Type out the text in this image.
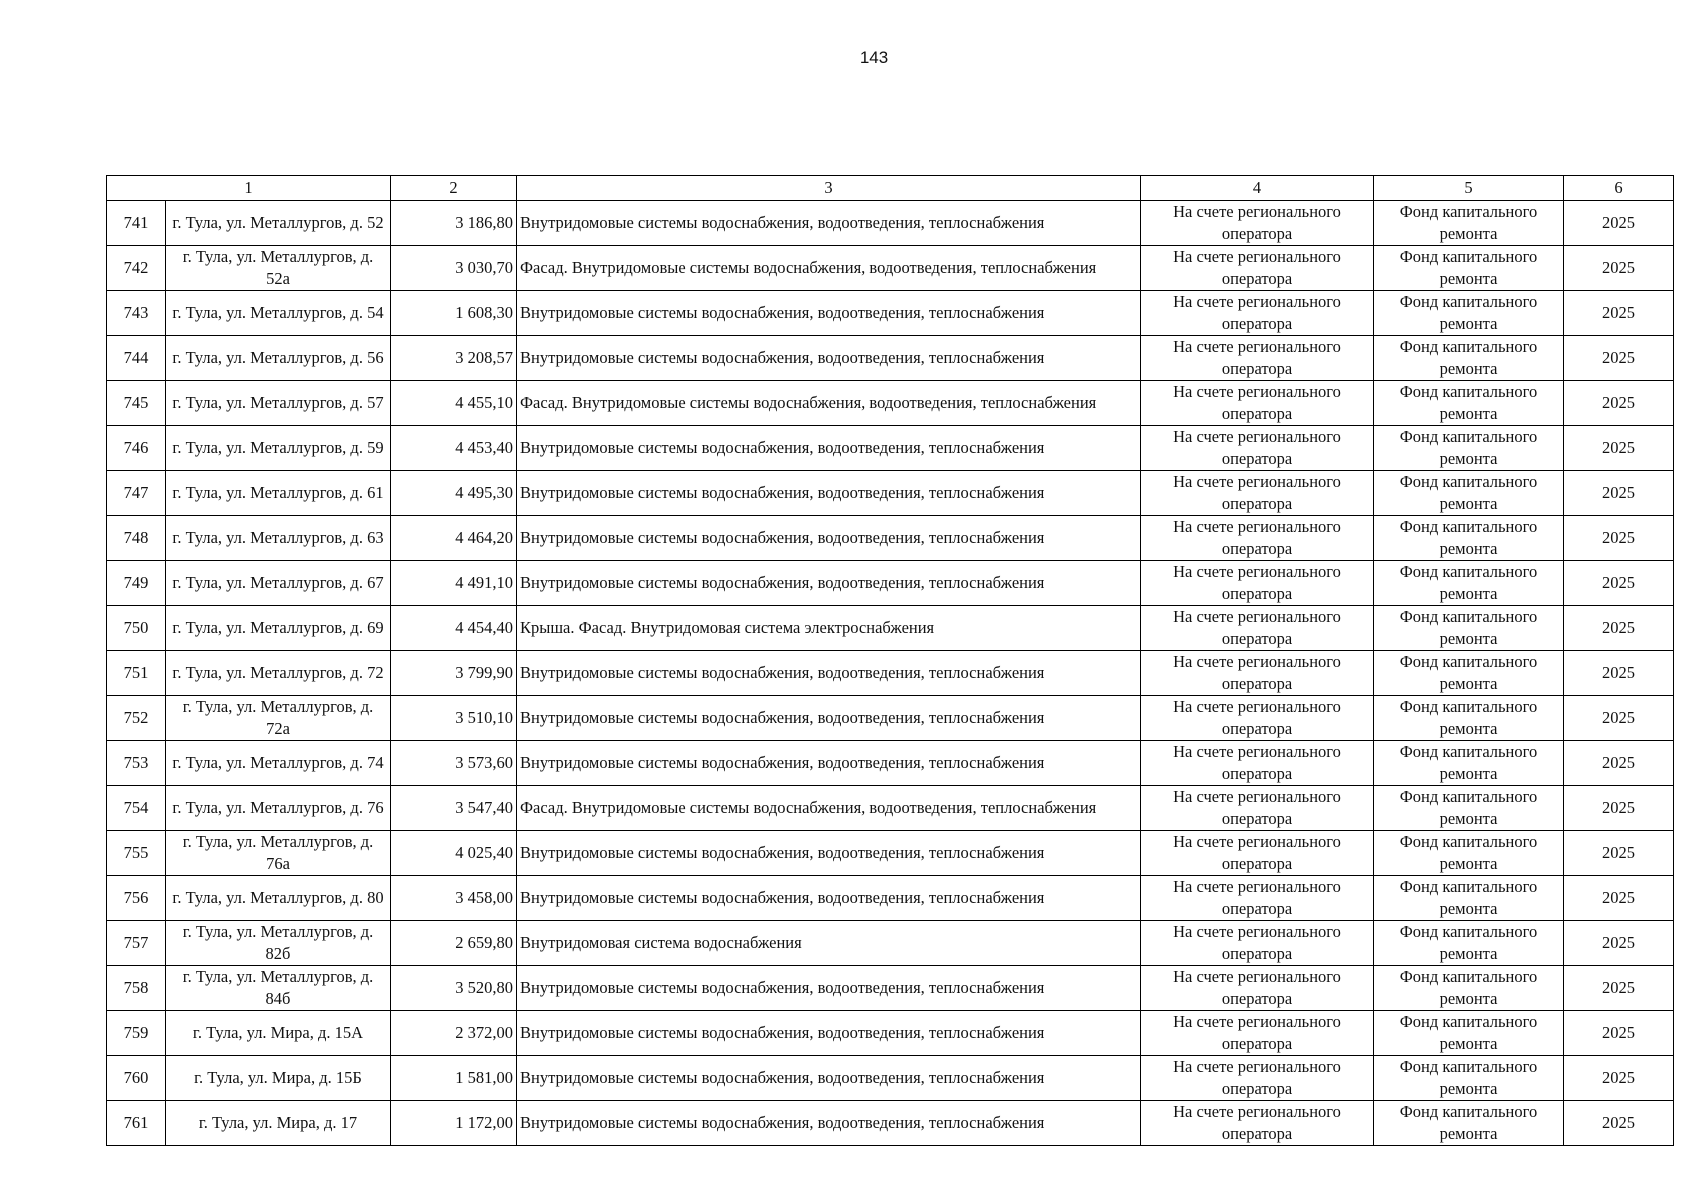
143
1		2	3	4	5	6
741	г. Тула, ул. Металлургов, д. 52	3 186,80	Внутридомовые системы водоснабжения, водоотведения, теплоснабжения	На счете регионального оператора	Фонд капитального ремонта	2025
742	г. Тула, ул. Металлургов, д. 52а	3 030,70	Фасад. Внутридомовые системы водоснабжения, водоотведения, теплоснабжения	На счете регионального оператора	Фонд капитального ремонта	2025
743	г. Тула, ул. Металлургов, д. 54	1 608,30	Внутридомовые системы водоснабжения, водоотведения, теплоснабжения	На счете регионального оператора	Фонд капитального ремонта	2025
744	г. Тула, ул. Металлургов, д. 56	3 208,57	Внутридомовые системы водоснабжения, водоотведения, теплоснабжения	На счете регионального оператора	Фонд капитального ремонта	2025
745	г. Тула, ул. Металлургов, д. 57	4 455,10	Фасад. Внутридомовые системы водоснабжения, водоотведения, теплоснабжения	На счете регионального оператора	Фонд капитального ремонта	2025
746	г. Тула, ул. Металлургов, д. 59	4 453,40	Внутридомовые системы водоснабжения, водоотведения, теплоснабжения	На счете регионального оператора	Фонд капитального ремонта	2025
747	г. Тула, ул. Металлургов, д. 61	4 495,30	Внутридомовые системы водоснабжения, водоотведения, теплоснабжения	На счете регионального оператора	Фонд капитального ремонта	2025
748	г. Тула, ул. Металлургов, д. 63	4 464,20	Внутридомовые системы водоснабжения, водоотведения, теплоснабжения	На счете регионального оператора	Фонд капитального ремонта	2025
749	г. Тула, ул. Металлургов, д. 67	4 491,10	Внутридомовые системы водоснабжения, водоотведения, теплоснабжения	На счете регионального оператора	Фонд капитального ремонта	2025
750	г. Тула, ул. Металлургов, д. 69	4 454,40	Крыша. Фасад. Внутридомовая система электроснабжения	На счете регионального оператора	Фонд капитального ремонта	2025
751	г. Тула, ул. Металлургов, д. 72	3 799,90	Внутридомовые системы водоснабжения, водоотведения, теплоснабжения	На счете регионального оператора	Фонд капитального ремонта	2025
752	г. Тула, ул. Металлургов, д. 72а	3 510,10	Внутридомовые системы водоснабжения, водоотведения, теплоснабжения	На счете регионального оператора	Фонд капитального ремонта	2025
753	г. Тула, ул. Металлургов, д. 74	3 573,60	Внутридомовые системы водоснабжения, водоотведения, теплоснабжения	На счете регионального оператора	Фонд капитального ремонта	2025
754	г. Тула, ул. Металлургов, д. 76	3 547,40	Фасад. Внутридомовые системы водоснабжения, водоотведения, теплоснабжения	На счете регионального оператора	Фонд капитального ремонта	2025
755	г. Тула, ул. Металлургов, д. 76а	4 025,40	Внутридомовые системы водоснабжения, водоотведения, теплоснабжения	На счете регионального оператора	Фонд капитального ремонта	2025
756	г. Тула, ул. Металлургов, д. 80	3 458,00	Внутридомовые системы водоснабжения, водоотведения, теплоснабжения	На счете регионального оператора	Фонд капитального ремонта	2025
757	г. Тула, ул. Металлургов, д. 82б	2 659,80	Внутридомовая система водоснабжения	На счете регионального оператора	Фонд капитального ремонта	2025
758	г. Тула, ул. Металлургов, д. 84б	3 520,80	Внутридомовые системы водоснабжения, водоотведения, теплоснабжения	На счете регионального оператора	Фонд капитального ремонта	2025
759	г. Тула, ул. Мира, д. 15А	2 372,00	Внутридомовые системы водоснабжения, водоотведения, теплоснабжения	На счете регионального оператора	Фонд капитального ремонта	2025
760	г. Тула, ул. Мира, д. 15Б	1 581,00	Внутридомовые системы водоснабжения, водоотведения, теплоснабжения	На счете регионального оператора	Фонд капитального ремонта	2025
761	г. Тула, ул. Мира, д. 17	1 172,00	Внутридомовые системы водоснабжения, водоотведения, теплоснабжения	На счете регионального оператора	Фонд капитального ремонта	2025
